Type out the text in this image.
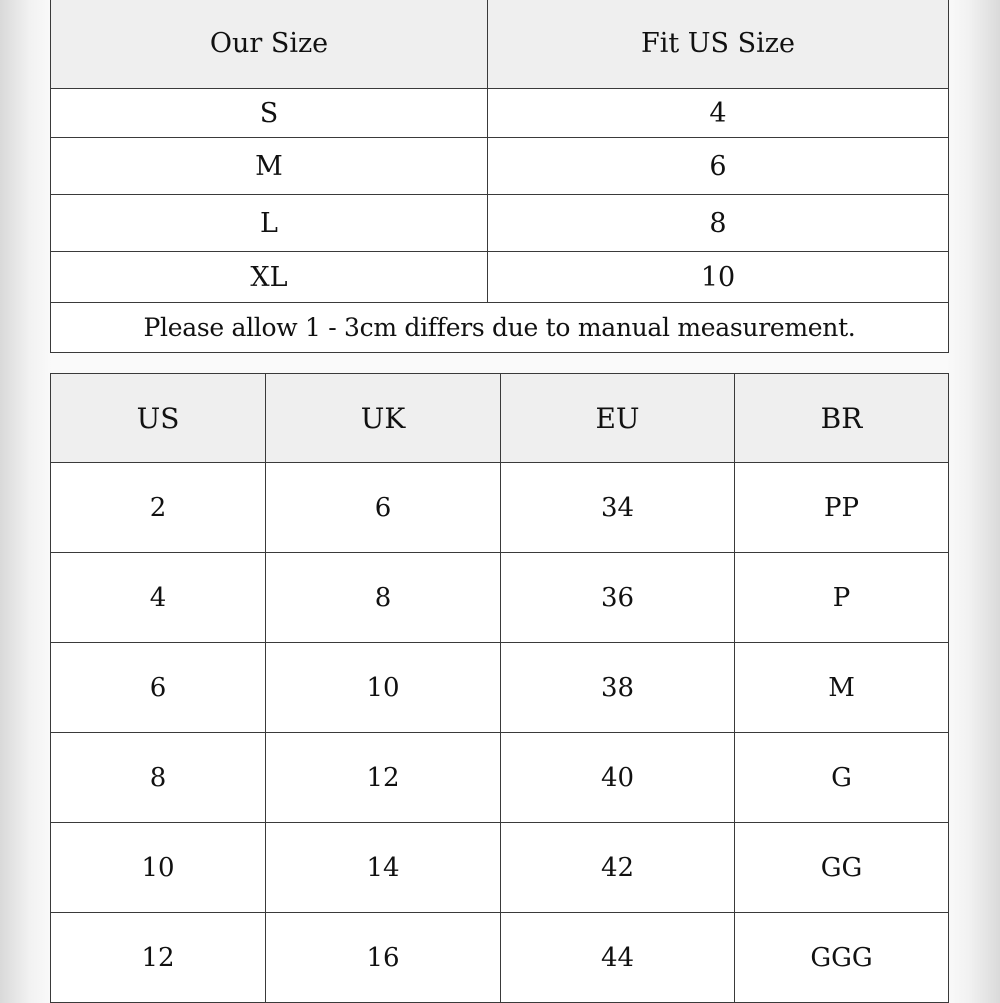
Our Size	Fit US Size
S	4
M	6
L	8
XL	10
Please allow 1 - 3cm differs due to manual measurement.	
US	UK	EU	BR
2	6	34	PP
4	8	36	P
6	10	38	M
8	12	40	G
10	14	42	GG
12	16	44	GGG
